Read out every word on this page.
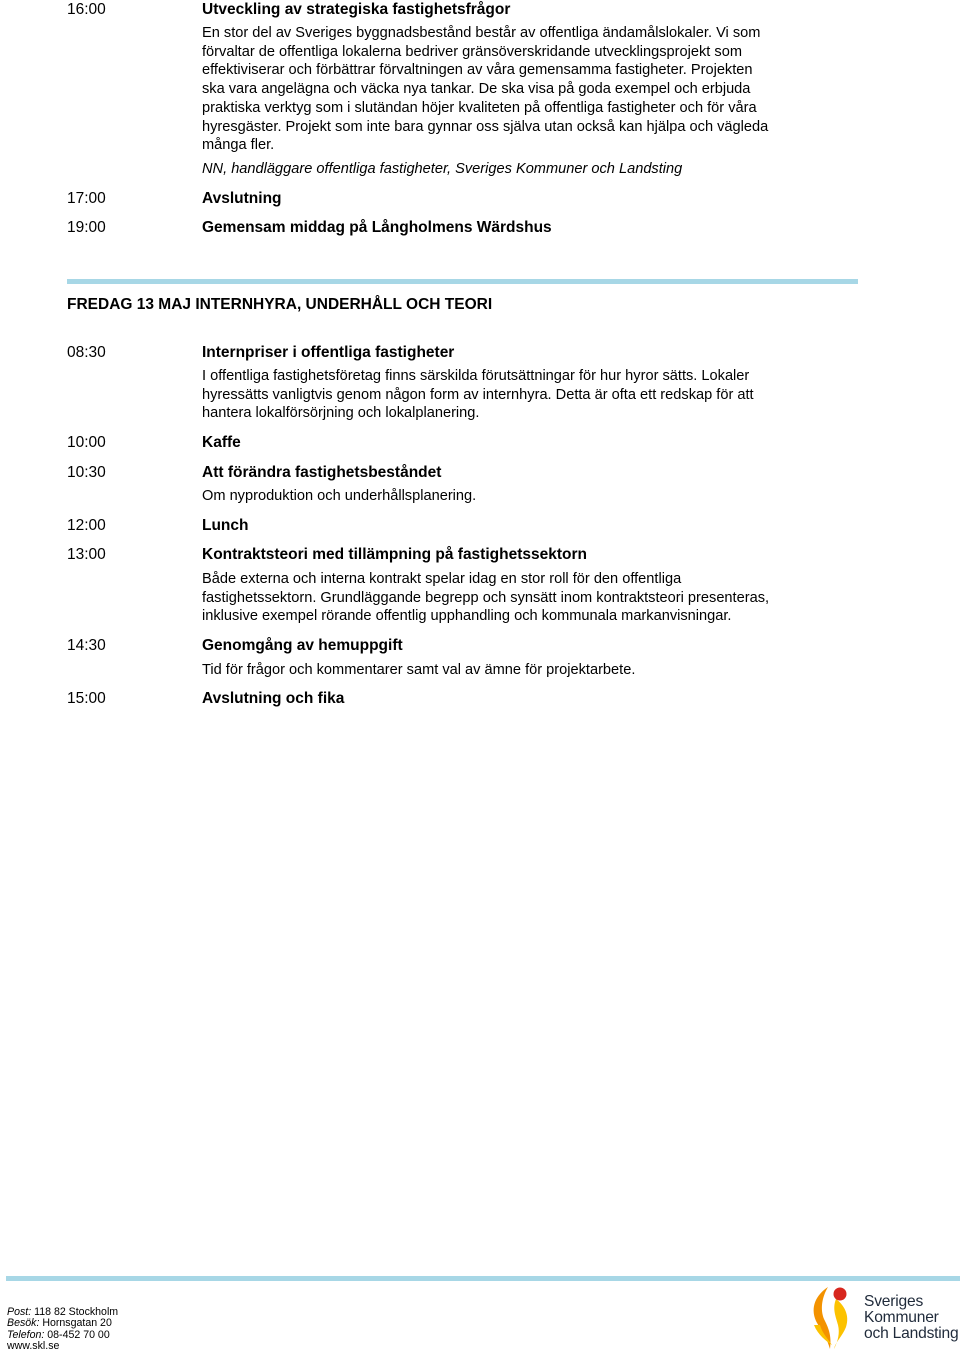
16:00	Utveckling av strategiska fastighetsfrågor
En stor del av Sveriges byggnadsbestånd består av offentliga ändamålslokaler. Vi som
förvaltar de offentliga lokalerna bedriver gränsöverskridande utvecklingsprojekt som
effektiviserar och förbättrar förvaltningen av våra gemensamma fastigheter. Projekten
ska vara angelägna och väcka nya tankar. De ska visa på goda exempel och erbjuda
praktiska verktyg som i slutändan höjer kvaliteten på offentliga fastigheter och för våra
hyresgäster. Projekt som inte bara gynnar oss själva utan också kan hjälpa och vägleda
många fler.
NN, handläggare offentliga fastigheter, Sveriges Kommuner och Landsting
17:00	Avslutning
19:00	Gemensam middag på Långholmens Wärdshus
FREDAG 13 MAJ INTERNHYRA, UNDERHÅLL OCH TEORI
08:30	Internpriser i offentliga fastigheter
I offentliga fastighetsföretag finns särskilda förutsättningar för hur hyror sätts. Lokaler
hyressätts vanligtvis genom någon form av internhyra. Detta är ofta ett redskap för att
hantera lokalförsörjning och lokalplanering.
10:00	Kaffe
10:30	Att förändra fastighetsbeståndet
Om nyproduktion och underhållsplanering.
12:00	Lunch
13:00	Kontraktsteori med tillämpning på fastighetssektorn
Både externa och interna kontrakt spelar idag en stor roll för den offentliga
fastighetssektorn. Grundläggande begrepp och synsätt inom kontraktsteori presenteras,
inklusive exempel rörande offentlig upphandling och kommunala markanvisningar.
14:30	Genomgång av hemuppgift
Tid för frågor och kommentarer samt val av ämne för projektarbete.
15:00	Avslutning och fika
Post: 118 82 Stockholm
Besök: Hornsgatan 20
Telefon: 08-452 70 00
www.skl.se
Sveriges
Kommuner
och Landsting
